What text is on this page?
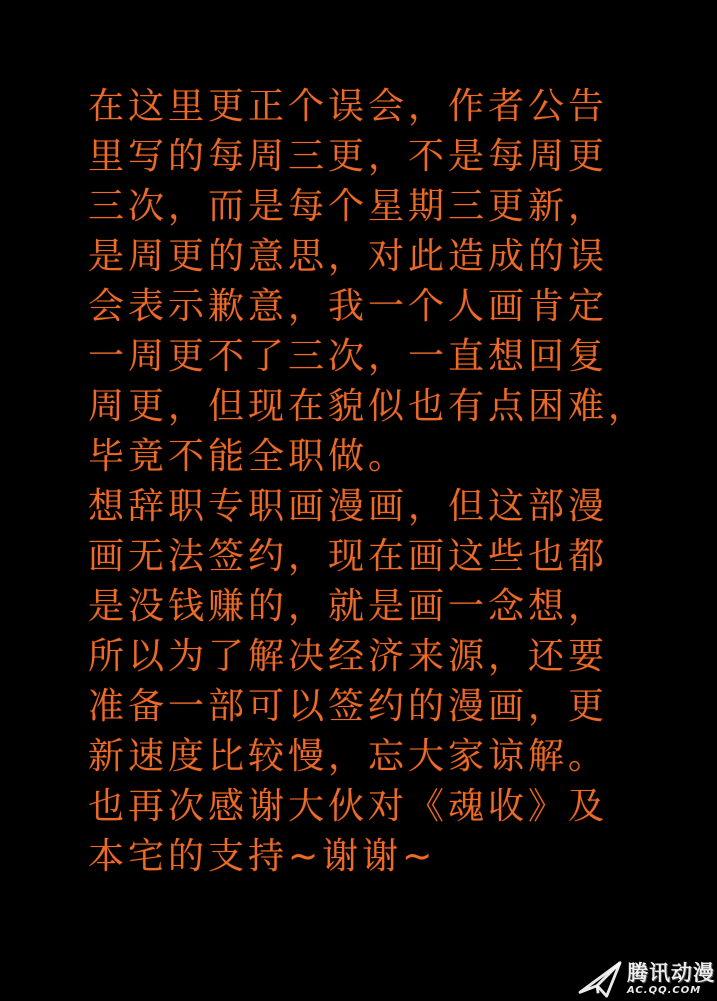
在这里更正个误会，作者公告
里写的每周三更，不是每周更
三次，而是每个星期三更新，
是周更的意思，对此造成的误
会表示歉意，我一个人画肯定
一周更不了三次，一直想回复
周更，但现在貌似也有点困难，
毕竟不能全职做。
想辞职专职画漫画，但这部漫
画无法签约，现在画这些也都
是没钱赚的，就是画一念想，
所以为了解决经济来源，还要
准备一部可以签约的漫画，更
新速度比较慢，忘大家谅解。
也再次感谢大伙对《魂收》及
本宅的支持~谢谢~
腾讯动漫
AC.QQ.COM
